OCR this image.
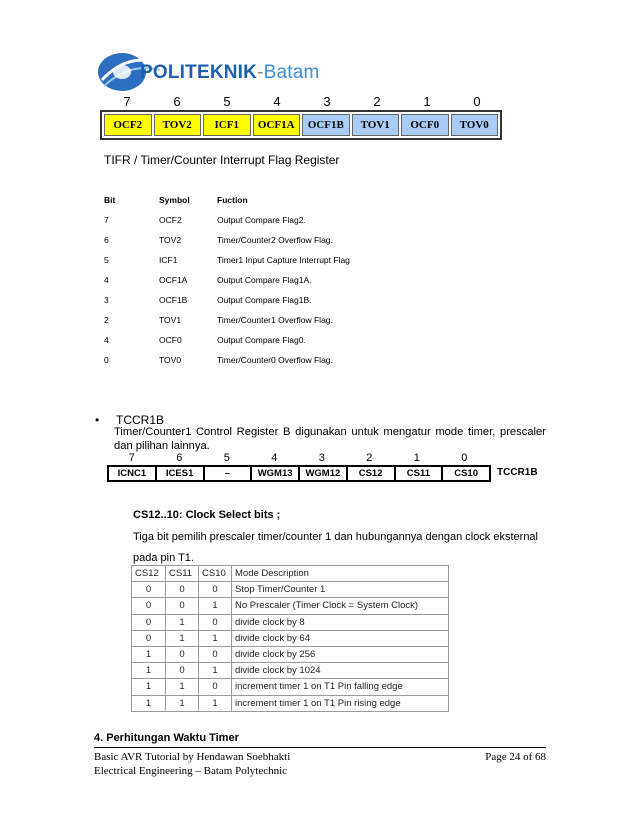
POLITEKNIK-Batam
7	6	5	4	3	2	1	0
OCF2	TOV2	ICF1	OCF1A	OCF1B	TOV1	OCF0	TOV0
TIFR / Timer/Counter Interrupt Flag Register
Bit	Symbol	Fuction
7	OCF2	Output Compare Flag2.
6	TOV2	Timer/Counter2 Overflow Flag.
5	ICF1	Timer1 Input Capture Interrupt Flag
4	OCF1A	Output Compare Flag1A.
3	OCF1B	Output Compare Flag1B.
2	TOV1	Timer/Counter1 Overflow Flag.
4	OCF0	Output Compare Flag0.
0	TOV0	Timer/Counter0 Overflow Flag.
• TCCR1B
Timer/Counter1 Control Register B digunakan untuk mengatur mode timer, prescaler dan pilihan lainnya.
7	6	5	4	3	2	1	0
ICNC1	ICES1	–	WGM13	WGM12	CS12	CS11	CS10	TCCR1B
CS12..10: Clock Select bits ;
Tiga bit pemilih prescaler timer/counter 1 dan hubungannya dengan clock eksternal pada pin T1.
CS12	CS11	CS10	Mode Description
0	0	0	Stop Timer/Counter 1
0	0	1	No Prescaler (Timer Clock = System Clock)
0	1	0	divide clock by 8
0	1	1	divide clock by 64
1	0	0	divide clock by 256
1	0	1	divide clock by 1024
1	1	0	increment timer 1 on T1 Pin falling edge
1	1	1	increment timer 1 on T1 Pin rising edge
4. Perhitungan Waktu Timer
Basic AVR Tutorial by Hendawan Soebhakti
Electrical Engineering – Batam Polytechnic
Page 24 of 68
